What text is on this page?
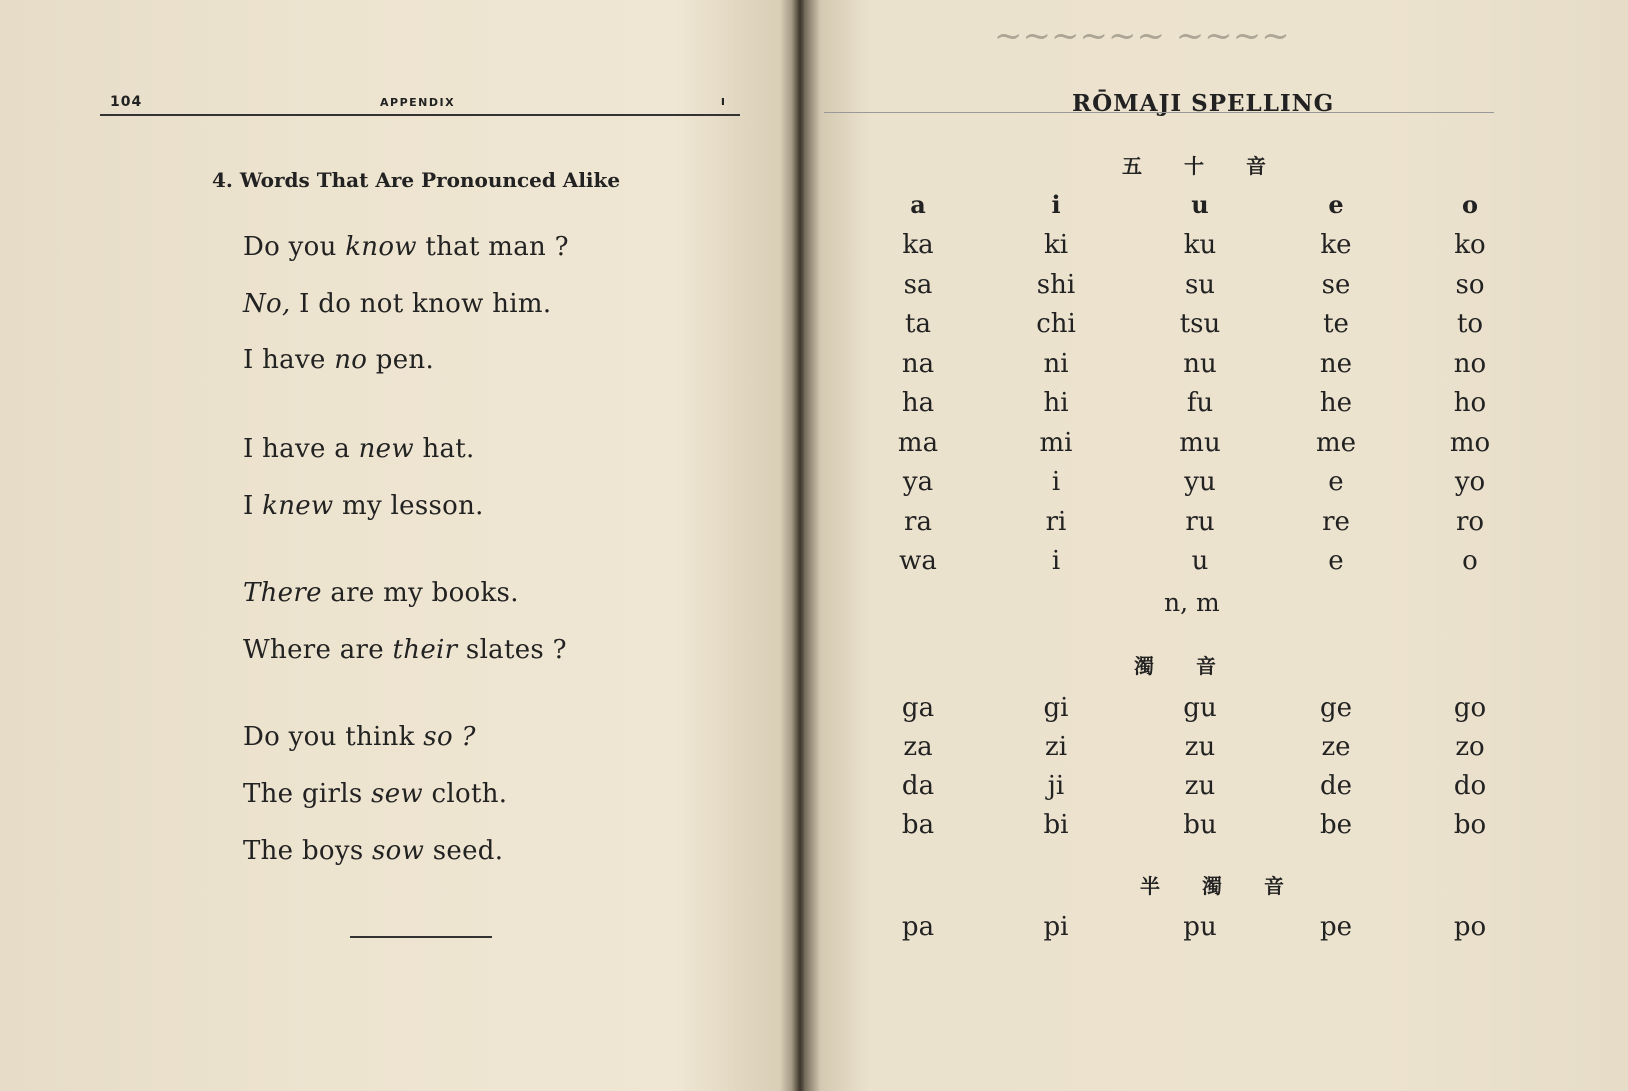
104	APPENDIX	ı
4. Words That Are Pronounced Alike
Do you know that man ?
No, I do not know him.
I have no pen.
I have a new hat.
I knew my lesson.
There are my books.
Where are their slates ?
Do you think so ?
The girls sew cloth.
The boys sow seed.
~~~~~~ ~~~~
RŌMAJI SPELLING
五 十 音
a	i	u	e	o
ka	ki	ku	ke	ko
sa	shi	su	se	so
ta	chi	tsu	te	to
na	ni	nu	ne	no
ha	hi	fu	he	ho
ma	mi	mu	me	mo
ya	i	yu	e	yo
ra	ri	ru	re	ro
wa	i	u	e	o
n, m
濁 音
ga	gi	gu	ge	go
za	zi	zu	ze	zo
da	ji	zu	de	do
ba	bi	bu	be	bo
半 濁 音
pa	pi	pu	pe	po
